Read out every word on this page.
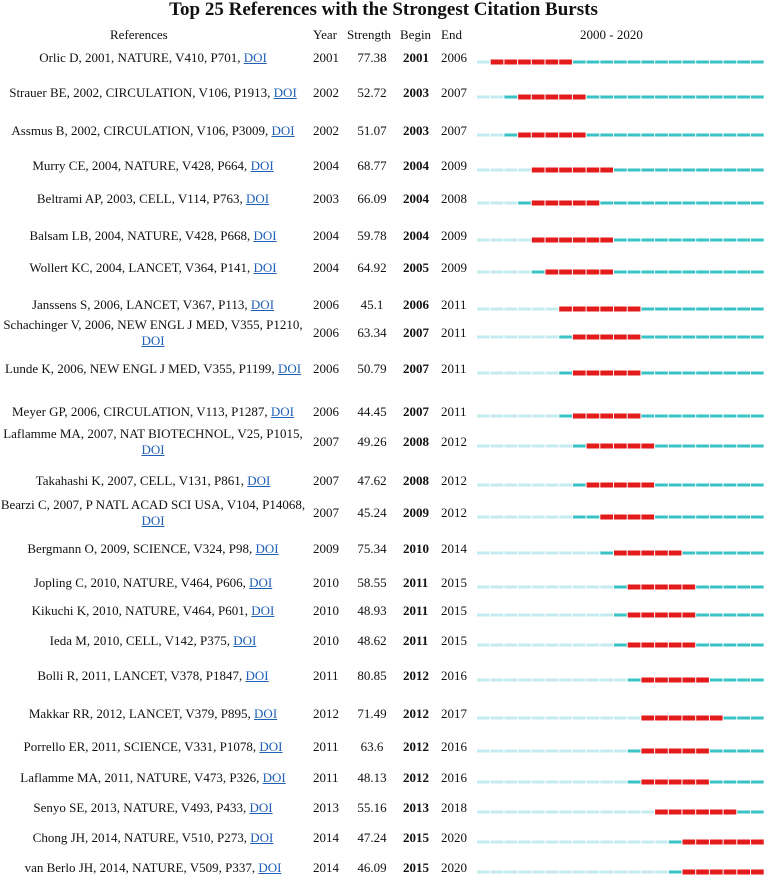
Top 25 References with the Strongest Citation Bursts
References	Year Strength Begin End	2000 - 2020
Orlic D, 2001, NATURE, V410, P701, DOI	2001 77.38 2001 2006
Strauer BE, 2002, CIRCULATION, V106, P1913, DOI	2002 52.72 2003 2007
Assmus B, 2002, CIRCULATION, V106, P3009, DOI	2002 51.07 2003 2007
Murry CE, 2004, NATURE, V428, P664, DOI	2004 68.77 2004 2009
Beltrami AP, 2003, CELL, V114, P763, DOI	2003 66.09 2004 2008
Balsam LB, 2004, NATURE, V428, P668, DOI	2004 59.78 2004 2009
Wollert KC, 2004, LANCET, V364, P141, DOI	2004 64.92 2005 2009
Janssens S, 2006, LANCET, V367, P113, DOI	2006	45.1	2006 2011
Schachinger V, 2006, NEW ENGL J MED, V355, P1210, DOI
2006 63.34 2007 2011
Lunde K, 2006, NEW ENGL J MED, V355, P1199, DOI 2006 50.79 2007 2011
Meyer GP, 2006, CIRCULATION, V113, P1287, DOI	2006 44.45 2007 2011
Laflamme MA, 2007, NAT BIOTECHNOL, V25, P1015, DOI
2007 49.26 2008 2012
Takahashi K, 2007, CELL, V131, P861, DOI	2007 47.62 2008 2012
Bearzi C, 2007, P NATL ACAD SCI USA, V104, P14068, DOI
2007 45.24 2009 2012
Bergmann O, 2009, SCIENCE, V324, P98, DOI	2009 75.34 2010 2014
Jopling C, 2010, NATURE, V464, P606, DOI	2010 58.55 2011 2015
Kikuchi K, 2010, NATURE, V464, P601, DOI	2010 48.93 2011 2015
Ieda M, 2010, CELL, V142, P375, DOI	2010 48.62 2011 2015
Bolli R, 2011, LANCET, V378, P1847, DOI	2011 80.85 2012 2016
Makkar RR, 2012, LANCET, V379, P895, DOI	2012 71.49 2012 2017
Porrello ER, 2011, SCIENCE, V331, P1078, DOI	2011	63.6	2012 2016
Laflamme MA, 2011, NATURE, V473, P326, DOI	2011 48.13 2012 2016
Senyo SE, 2013, NATURE, V493, P433, DOI	2013 55.16 2013 2018
Chong JH, 2014, NATURE, V510, P273, DOI	2014 47.24 2015 2020
van Berlo JH, 2014, NATURE, V509, P337, DOI	2014 46.09 2015 2020
